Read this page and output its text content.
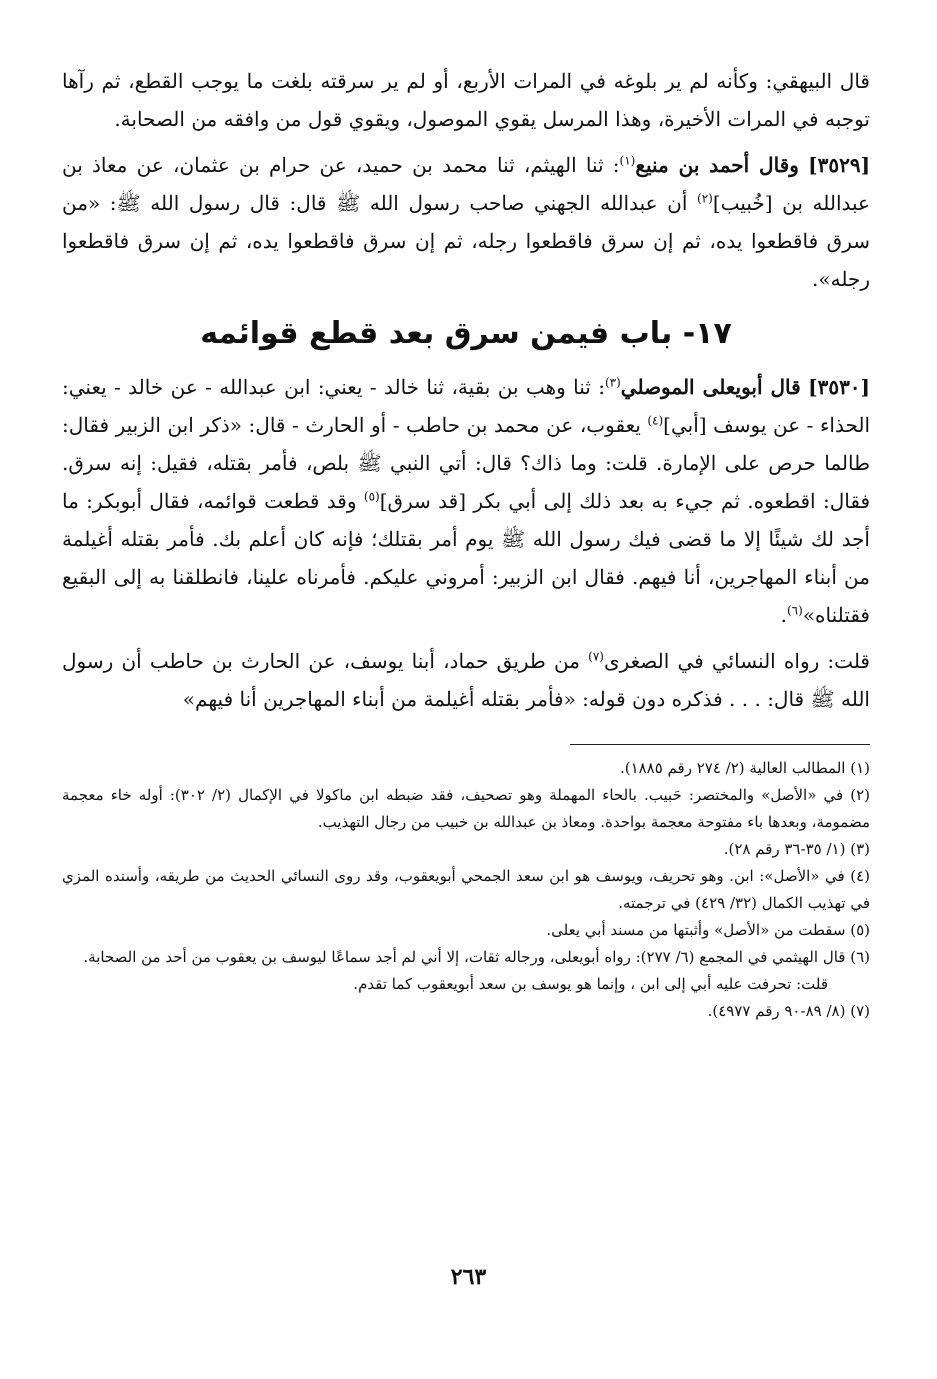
قال البيهقي: وكأنه لم ير بلوغه في المرات الأربع، أو لم ير سرقته بلغت ما يوجب القطع، ثم رآها توجبه في المرات الأخيرة، وهذا المرسل يقوي الموصول، ويقوي قول من وافقه من الصحابة.

[٣٥٢٩] وقال أحمد بن منيع$^{(١)}$: ثنا الهيثم، ثنا محمد بن حميد، عن حرام بن عثمان، عن معاذ بن عبدالله بن [خُبيب]$^{(٢)}$ أن عبدالله الجهني صاحب رسول الله ﷺ قال: قال رسول الله ﷺ: «من سرق فاقطعوا يده، ثم إن سرق فاقطعوا رجله، ثم إن سرق فاقطعوا يده، ثم إن سرق فاقطعوا رجله».

١٧- باب فيمن سرق بعد قطع قوائمه

[٣٥٣٠] قال أبويعلى الموصلي$^{(٣)}$: ثنا وهب بن بقية، ثنا خالد - يعني: ابن عبدالله - عن خالد - يعني: الحذاء - عن يوسف [أبي]$^{(٤)}$ يعقوب، عن محمد بن حاطب - أو الحارث - قال: «ذكر ابن الزبير فقال: طالما حرص على الإمارة. قلت: وما ذاك؟ قال: أتي النبي ﷺ بلص، فأمر بقتله، فقيل: إنه سرق. فقال: اقطعوه. ثم جيء به بعد ذلك إلى أبي بكر [قد سرق]$^{(٥)}$ وقد قطعت قوائمه، فقال أبوبكر: ما أجد لك شيئًا إلا ما قضى فيك رسول الله ﷺ يوم أمر بقتلك؛ فإنه كان أعلم بك. فأمر بقتله أغيلمة من أبناء المهاجرين، أنا فيهم. فقال ابن الزبير: أمروني عليكم. فأمرناه علينا، فانطلقنا به إلى البقيع فقتلناه»$^{(٦)}$.

قلت: رواه النسائي في الصغرى$^{(٧)}$ من طريق حماد، أبنا يوسف، عن الحارث بن حاطب أن رسول الله ﷺ قال: . . . فذكره دون قوله: «فأمر بقتله أغيلمة من أبناء المهاجرين أنا فيهم»

(١) المطالب العالية (٢/ ٢٧٤ رقم ١٨٨٥).

(٢) في «الأصل» والمختصر: حَبيب. بالحاء المهملة وهو تصحيف، فقد ضبطه ابن ماكولا في الإكمال (٢/ ٣٠٢): أوله خاء معجمة مضمومة، وبعدها باء مفتوحة معجمة بواحدة. ومعاذ بن عبدالله بن خبيب من رجال التهذيب.

(٣) (١/ ٣٥-٣٦ رقم ٢٨).

(٤) في «الأصل»: ابن. وهو تحريف، ويوسف هو ابن سعد الجمحي أبويعقوب، وقد روى النسائي الحديث من طريقه، وأسنده المزي في تهذيب الكمال (٣٢/ ٤٢٩) في ترجمته.

(٥) سقطت من «الأصل» وأثبتها من مسند أبي يعلى.

(٦) قال الهيثمي في المجمع (٦/ ٢٧٧): رواه أبويعلى، ورجاله ثقات، إلا أني لم أجد سماعًا ليوسف بن يعقوب من أحد من الصحابة.

قلت: تحرفت عليه أبي إلى ابن ، وإنما هو يوسف بن سعد أبويعقوب كما تقدم.

(٧) (٨/ ٨٩-٩٠ رقم ٤٩٧٧).

٢٦٣
